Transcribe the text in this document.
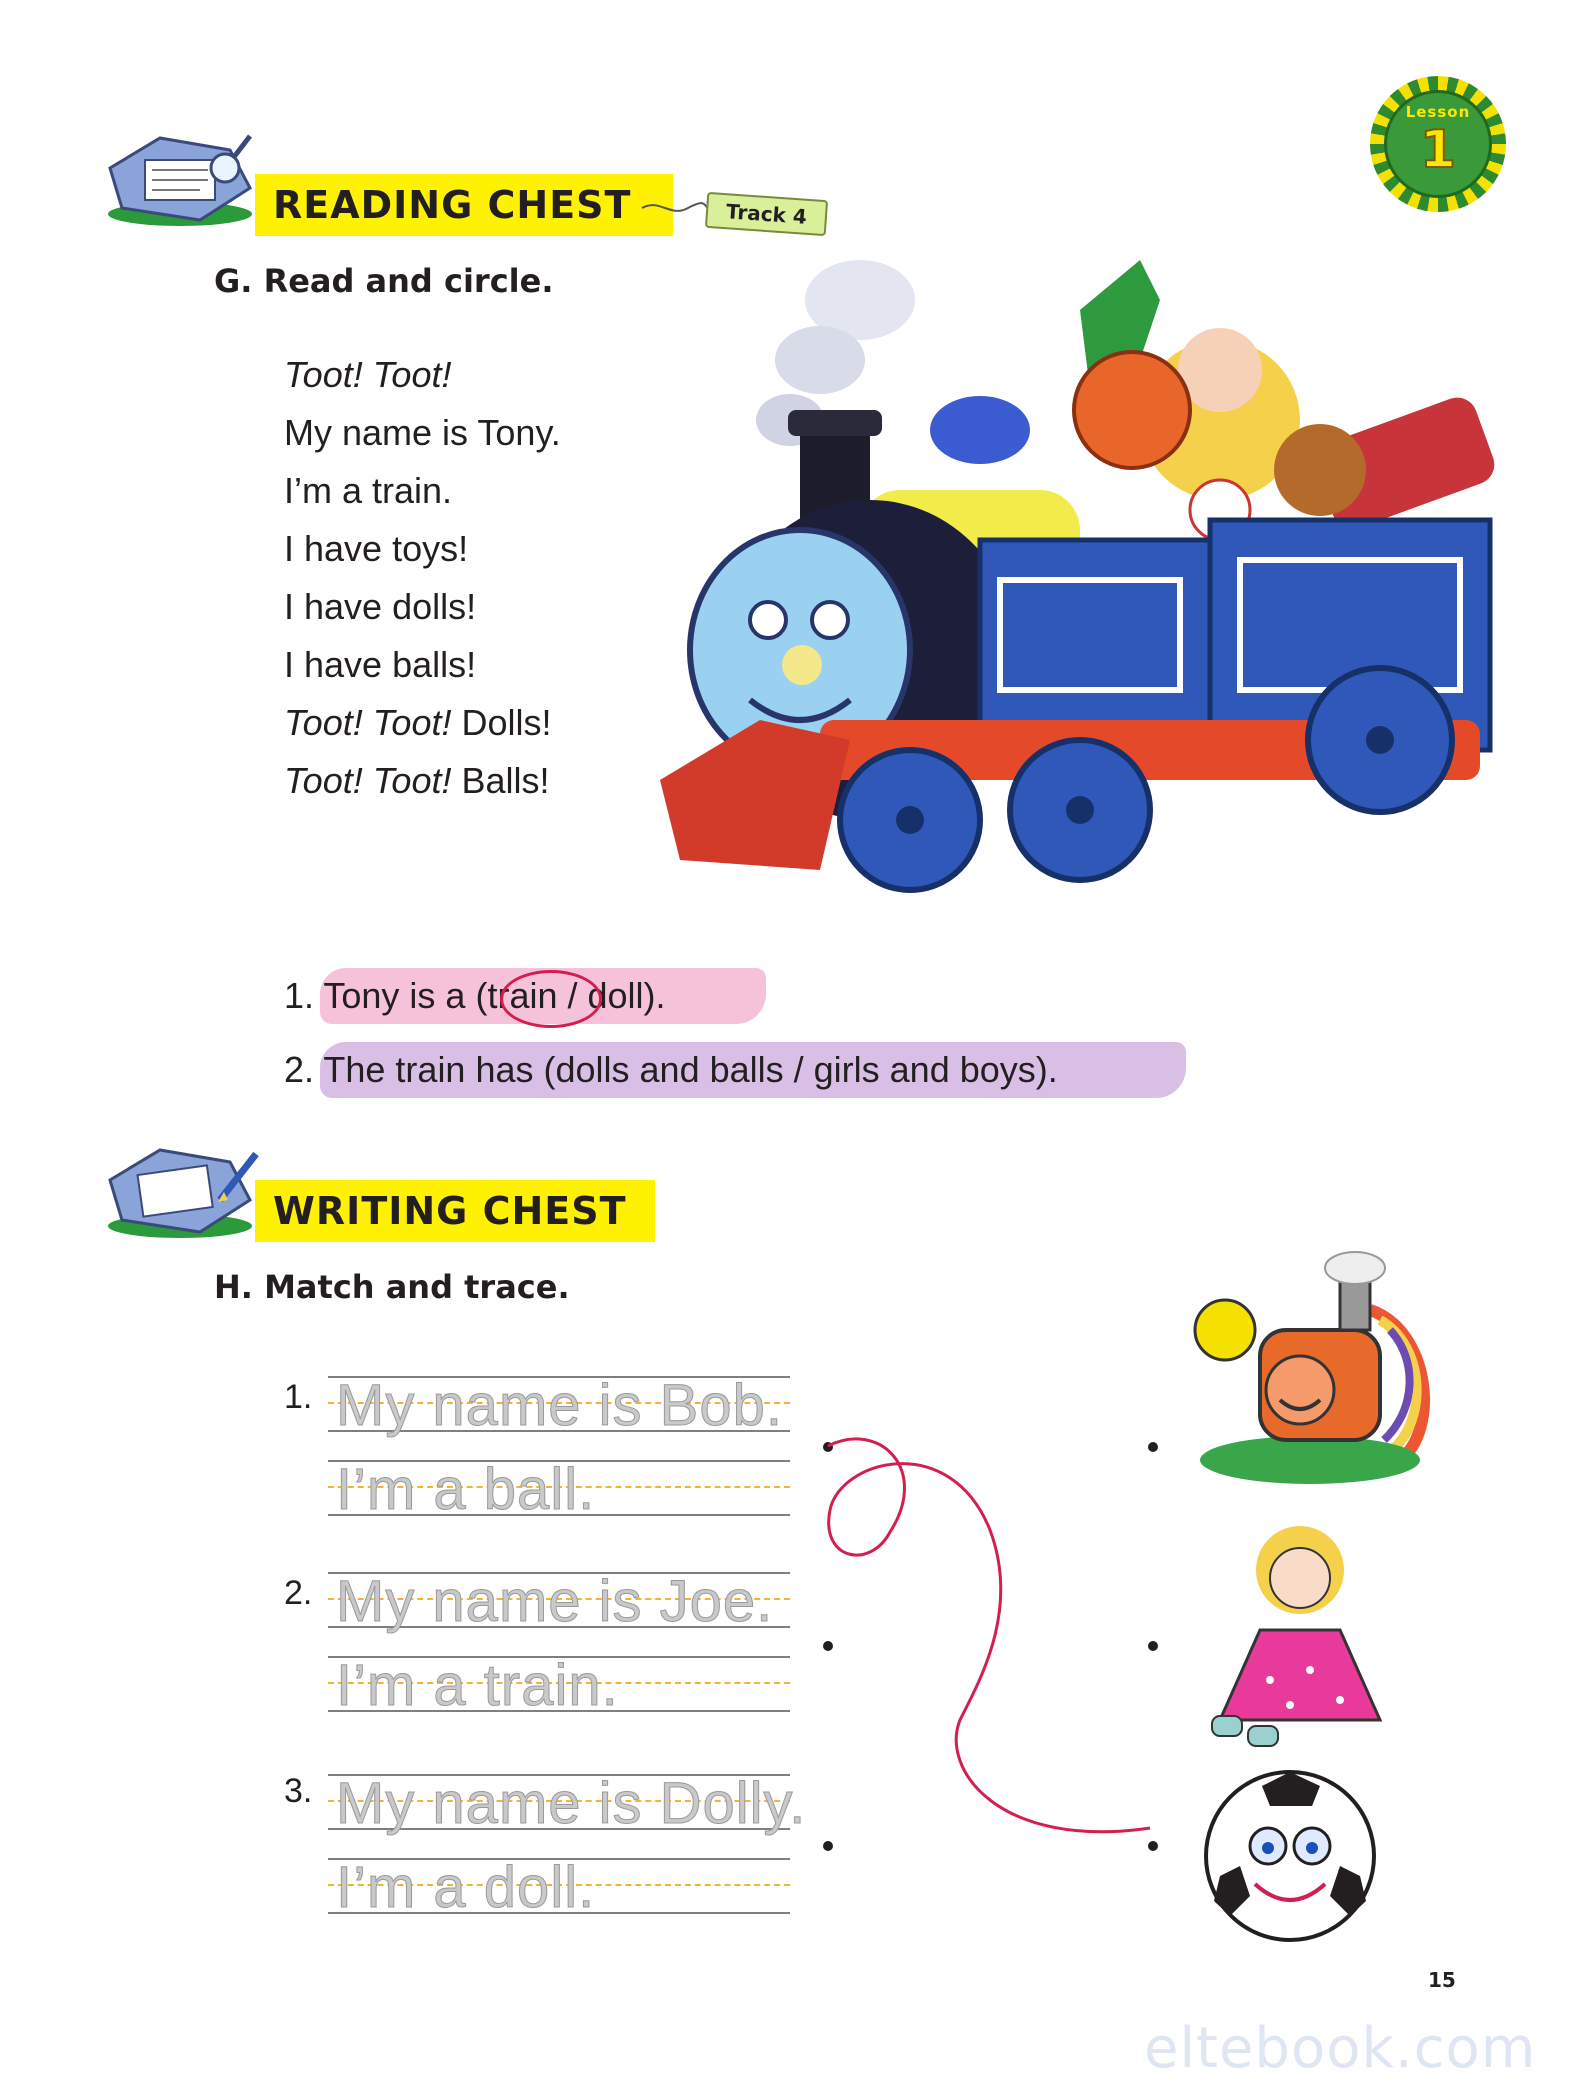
Lesson
1
READING CHEST	Track 4
G. Read and circle.
Toot! Toot!
My name is Tony.
I’m a train.
I have toys!
I have dolls!
I have balls!
Toot! Toot! Dolls!
Toot! Toot! Balls!
1. Tony is a (train / doll).
2. The train has (dolls and balls / girls and boys).
WRITING CHEST
H. Match and trace.
1. My name is Bob.
I’m a ball.
2. My name is Joe.
I’m a train.
3. My name is Dolly.
I’m a doll.
15
eltebook.com
